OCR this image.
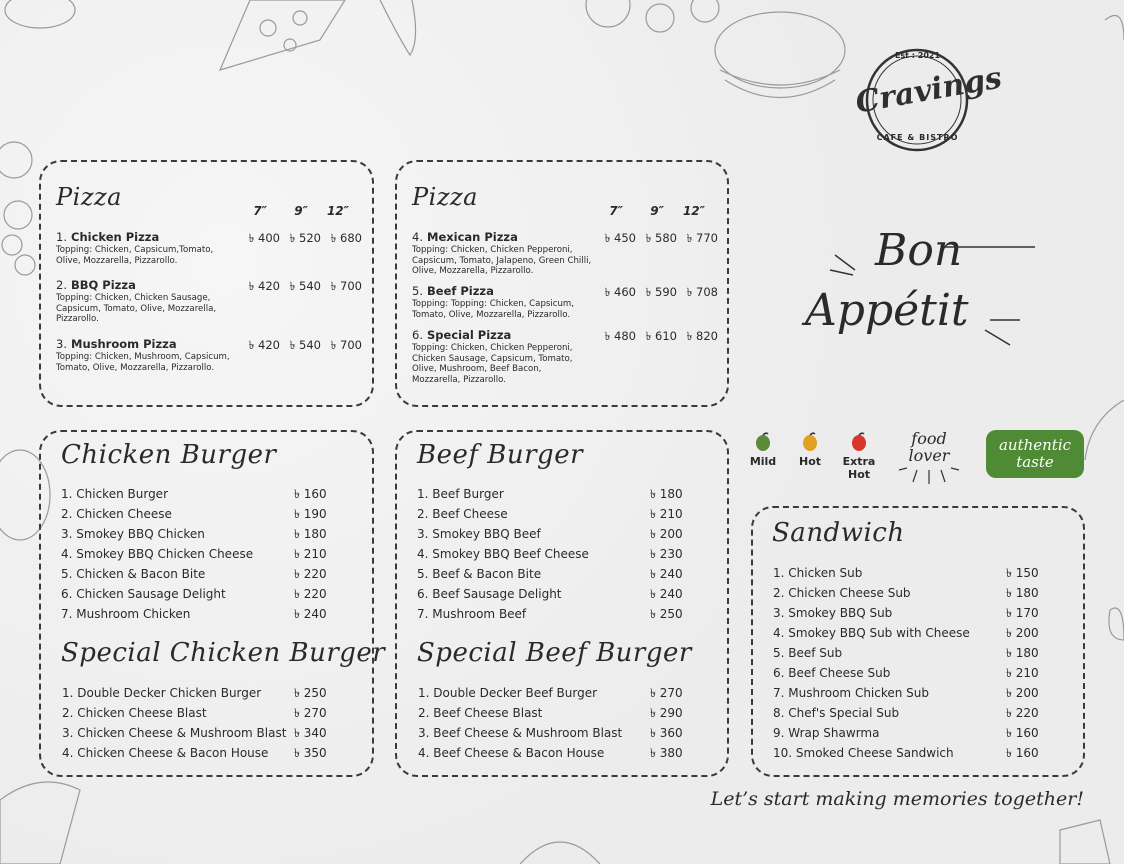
Est : 2021
Cravings
CAFE & BISTRO
Bon
Appétit
Pizza	7″ 9″ 12″
1. Chicken Pizza
Topping: Chicken, Capsicum,Tomato, Olive, Mozzarella, Pizzarollo.
৳ 400 ৳ 520 ৳ 680
2. BBQ Pizza
Topping: Chicken, Chicken Sausage, Capsicum, Tomato, Olive, Mozzarella, Pizzarollo.
৳ 420 ৳ 540 ৳ 700
3. Mushroom Pizza
Topping: Chicken, Mushroom, Capsicum, Tomato, Olive, Mozzarella, Pizzarollo.
৳ 420 ৳ 540 ৳ 700
Pizza	7″ 9″ 12″
4. Mexican Pizza
Topping: Chicken, Chicken Pepperoni, Capsicum, Tomato, Jalapeno, Green Chilli, Olive, Mozzarella, Pizzarollo.
৳ 450 ৳ 580 ৳ 770
5. Beef Pizza
Topping: Topping: Chicken, Capsicum, Tomato, Olive, Mozzarella, Pizzarollo.
৳ 460 ৳ 590 ৳ 708
6. Special Pizza
Topping: Chicken, Chicken Pepperoni, Chicken Sausage, Capsicum, Tomato, Olive, Mushroom, Beef Bacon, Mozzarella, Pizzarollo.
৳ 480 ৳ 610 ৳ 820
Chicken Burger
1. Chicken Burger	৳ 160
2. Chicken Cheese	৳ 190
3. Smokey BBQ Chicken	৳ 180
4. Smokey BBQ Chicken Cheese	৳ 210
5. Chicken & Bacon Bite	৳ 220
6. Chicken Sausage Delight	৳ 220
7. Mushroom Chicken	৳ 240
Special Chicken Burger
1. Double Decker Chicken Burger	৳ 250
2. Chicken Cheese Blast	৳ 270
3. Chicken Cheese & Mushroom Blast ৳ 340
4. Chicken Cheese & Bacon House ৳ 350
Beef Burger
1. Beef Burger	৳ 180
2. Beef Cheese	৳ 210
3. Smokey BBQ Beef	৳ 200
4. Smokey BBQ Beef Cheese	৳ 230
5. Beef & Bacon Bite	৳ 240
6. Beef Sausage Delight	৳ 240
7. Mushroom Beef	৳ 250
Special Beef Burger
1. Double Decker Beef Burger	৳ 270
2. Beef Cheese Blast	৳ 290
3. Beef Cheese & Mushroom Blast ৳ 360
4. Beef Cheese & Bacon House	৳ 380
Mild	Hot	Extra
Hot
food
lover
authentic
taste
Sandwich
1. Chicken Sub	৳ 150
2. Chicken Cheese Sub	৳ 180
3. Smokey BBQ Sub	৳ 170
4. Smokey BBQ Sub with Cheese	৳ 200
5. Beef Sub	৳ 180
6. Beef Cheese Sub	৳ 210
7. Mushroom Chicken Sub	৳ 200
8. Chef's Special Sub	৳ 220
9. Wrap Shawrma	৳ 160
10. Smoked Cheese Sandwich	৳ 160
Let’s start making memories together!
